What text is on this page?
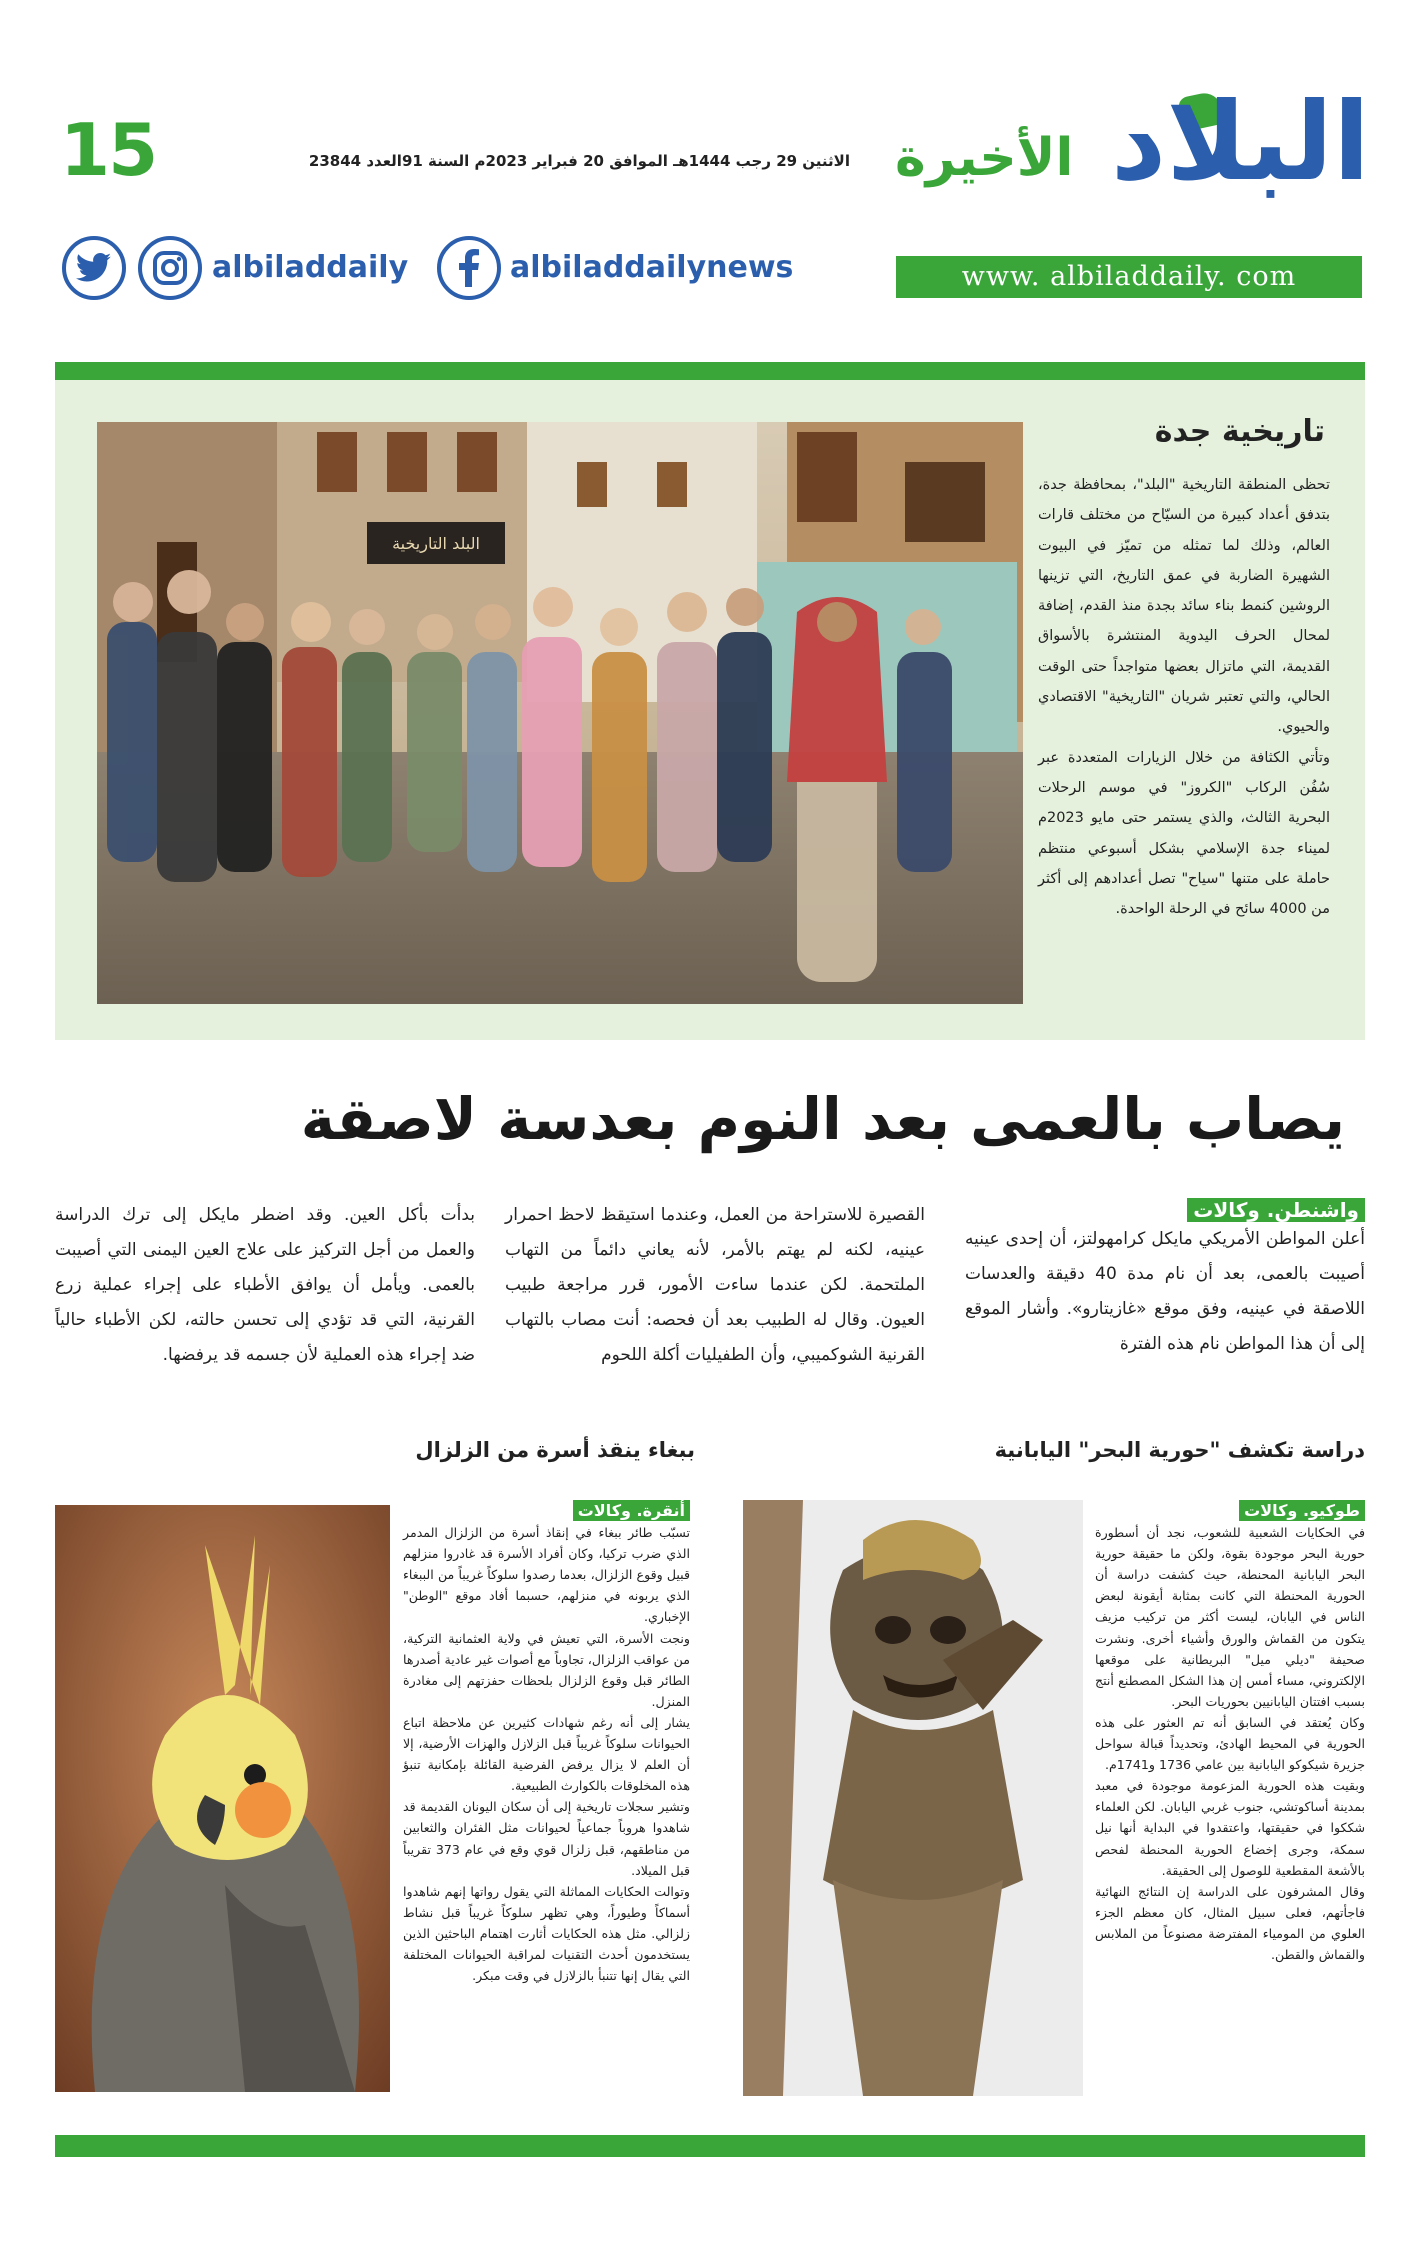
15	الاثنين 29 رجب 1444هـ الموافق 20 فبراير 2023م السنة 91العدد 23844 البلاد
الأخيرة
www. albiladdaily. com
albiladdaily	albiladdailynews
البلد التاريخية
تاريخية جدة

تحظى المنطقة التاريخية "البلد"، بمحافظة جدة، بتدفق أعداد كبيرة من السيّاح من مختلف قارات العالم، وذلك لما تمثله من تميّز في البيوت الشهيرة الضاربة في عمق التاريخ، التي تزينها الروشين كنمط بناء سائد بجدة منذ القدم، إضافة لمحال الحرف اليدوية المنتشرة بالأسواق القديمة، التي ماتزال بعضها متواجداً حتى الوقت الحالي، والتي تعتبر شريان "التاريخية" الاقتصادي والحيوي.

وتأتي الكثافة من خلال الزيارات المتعددة عبر سُفُن الركاب "الكروز" في موسم الرحلات البحرية الثالث، والذي يستمر حتى مايو 2023م لميناء جدة الإسلامي بشكل أسبوعي منتظم حاملة على متنها "سياح" تصل أعدادهم إلى أكثر من 4000 سائح في الرحلة الواحدة.

يصاب بالعمى بعد النوم بعدسة لاصقة
واشنطن. وكالات
أعلن المواطن الأمريكي مايكل كرامهولتز، أن إحدى عينيه أصيبت بالعمى، بعد أن نام مدة 40 دقيقة والعدسات اللاصقة في عينيه، وفق موقع «غازيتارو». وأشار الموقع إلى أن هذا المواطن نام هذه الفترة
القصيرة للاستراحة من العمل، وعندما استيقظ لاحظ احمرار عينيه، لكنه لم يهتم بالأمر، لأنه يعاني دائماً من التهاب الملتحمة. لكن عندما ساءت الأمور، قرر مراجعة طبيب العيون. وقال له الطبيب بعد أن فحصه: أنت مصاب بالتهاب القرنية الشوكميبي، وأن الطفيليات أكلة اللحوم
بدأت بأكل العين. وقد اضطر مايكل إلى ترك الدراسة والعمل من أجل التركيز على علاج العين اليمنى التي أصيبت بالعمى. ويأمل أن يوافق الأطباء على إجراء عملية زرع القرنية، التي قد تؤدي إلى تحسن حالته، لكن الأطباء حالياً ضد إجراء هذه العملية لأن جسمه قد يرفضها.
دراسة تكشف "حورية البحر" اليابانية
طوكيو. وكالات

في الحكايات الشعبية للشعوب، نجد أن أسطورة حورية البحر موجودة بقوة، ولكن ما حقيقة حورية البحر اليابانية المحنطة، حيث كشفت دراسة أن الحورية المحنطة التي كانت بمثابة أيقونة لبعض الناس في اليابان، ليست أكثر من تركيب مزيف يتكون من القماش والورق وأشياء أخرى. ونشرت صحيفة "ديلي ميل" البريطانية على موقعها الإلكتروني، مساء أمس إن هذا الشكل المصطنع أنتج بسبب افتتان اليابانيين بحوريات البحر.

وكان يُعتقد في السابق أنه تم العثور على هذه الحورية في المحيط الهادئ، وتحديداً قبالة سواحل جزيرة شيكوكو اليابانية بين عامي 1736 و1741م.

وبقيت هذه الحورية المزعومة موجودة في معبد بمدينة أساكوتشي، جنوب غربي اليابان. لكن العلماء شككوا في حقيقتها، واعتقدوا في البداية أنها نيل سمكة، وجرى إخضاع الحورية المحنطة لفحص بالأشعة المقطعية للوصول إلى الحقيقة.

وقال المشرفون على الدراسة إن النتائج النهائية فاجأتهم، فعلى سبيل المثال، كان معظم الجزء العلوي من المومياء المفترضة مصنوعاً من الملابس والقماش والقطن.

ببغاء ينقذ أسرة من الزلزال
أنقرة. وكالات

تسبّب طائر ببغاء في إنقاذ أسرة من الزلزال المدمر الذي ضرب تركيا، وكان أفراد الأسرة قد غادروا منزلهم قبيل وقوع الزلزال، بعدما رصدوا سلوكاً غريباً من الببغاء الذي يربونه في منزلهم، حسبما أفاد موقع "الوطن" الإخباري.

ونجت الأسرة، التي تعيش في ولاية العثمانية التركية، من عواقب الزلزال، تجاوباً مع أصوات غير عادية أصدرها الطائر قبل وقوع الزلزال بلحظات حفزتهم إلى مغادرة المنزل.

يشار إلى أنه رغم شهادات كثيرين عن ملاحظة اتباع الحيوانات سلوكاً غريباً قبل الزلازل والهزات الأرضية، إلا أن العلم لا يزال يرفض الفرضية القائلة بإمكانية تنبؤ هذه المخلوقات بالكوارث الطبيعية.

وتشير سجلات تاريخية إلى أن سكان اليونان القديمة قد شاهدوا هروباً جماعياً لحيوانات مثل الفئران والثعابين من مناطقهم، قبل زلزال قوي وقع في عام 373 تقريباً قبل الميلاد.

وتوالت الحكايات المماثلة التي يقول رواتها إنهم شاهدوا أسماكاً وطيوراً، وهي تظهر سلوكاً غريباً قبل نشاط زلزالي. مثل هذه الحكايات أثارت اهتمام الباحثين الذين يستخدمون أحدث التقنيات لمراقبة الحيوانات المختلفة التي يقال إنها تتنبأ بالزلازل في وقت مبكر.
